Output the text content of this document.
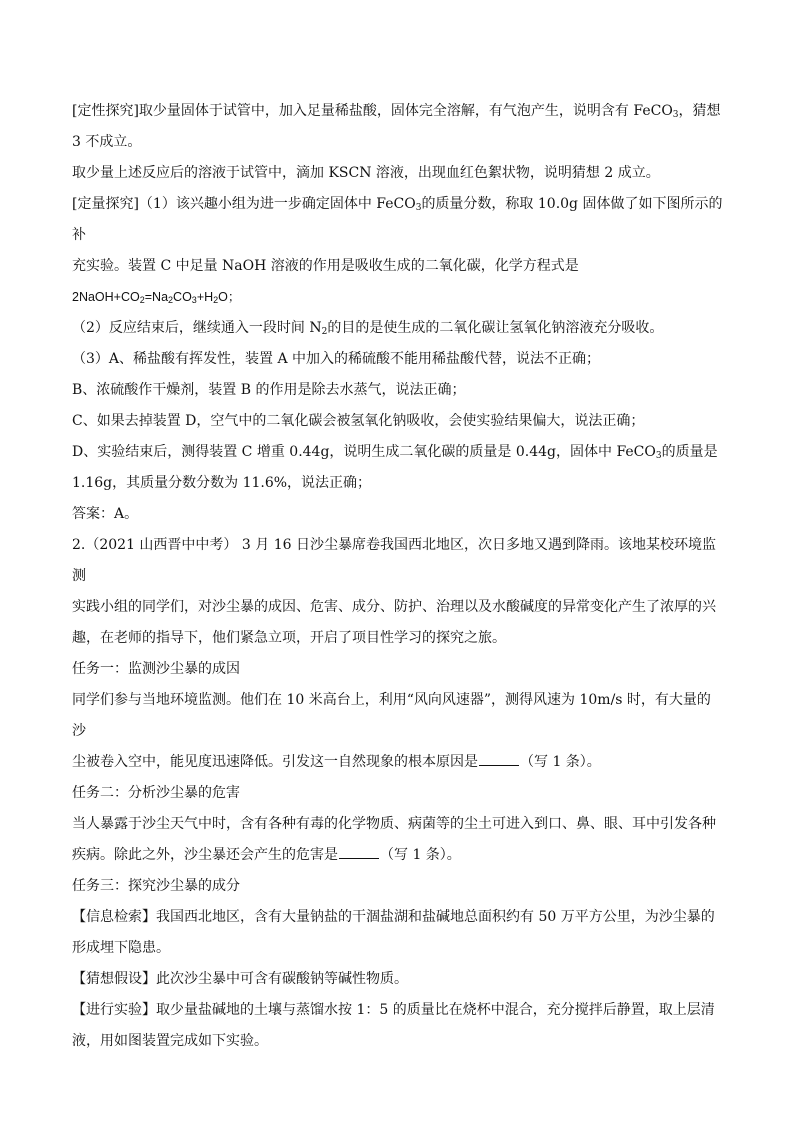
[定性探究]取少量固体于试管中，加入足量稀盐酸，固体完全溶解，有气泡产生，说明含有 FeCO$_3$，猜想

3 不成立。

取少量上述反应后的溶液于试管中，滴加 KSCN 溶液，出现血红色絮状物，说明猜想 2 成立。

[定量探究]（1）该兴趣小组为进一步确定固体中 FeCO$_3$的质量分数，称取 10.0g 固体做了如下图所示的补

充实验。装置 C 中足量 NaOH 溶液的作用是吸收生成的二氧化碳，化学方程式是

$2NaOH+CO_2=Na_2CO_3+H_2O$；

（2）反应结束后，继续通入一段时间 $N_2$的目的是使生成的二氧化碳让氢氧化钠溶液充分吸收。

（3）A、稀盐酸有挥发性，装置 A 中加入的稀硫酸不能用稀盐酸代替，说法不正确；

B、浓硫酸作干燥剂，装置 B 的作用是除去水蒸气，说法正确；

C、如果去掉装置 D，空气中的二氧化碳会被氢氧化钠吸收，会使实验结果偏大，说法正确；

D、实验结束后，测得装置 C 增重 0.44g，说明生成二氧化碳的质量是 0.44g，固体中 FeCO$_3$的质量是

1.16g，其质量分数分数为 11.6%，说法正确；

答案：A。

2.（2021 山西晋中中考） 3 月 16 日沙尘暴席卷我国西北地区，次日多地又遇到降雨。该地某校环境监测

实践小组的同学们，对沙尘暴的成因、危害、成分、防护、治理以及水酸碱度的异常变化产生了浓厚的兴

趣，在老师的指导下，他们紧急立项，开启了项目性学习的探究之旅。

任务一：监测沙尘暴的成因

同学们参与当地环境监测。他们在 10 米高台上，利用“风向风速器”，测得风速为 10m/s 时，有大量的沙

尘被卷入空中，能见度迅速降低。引发这一自然现象的根本原因是	（写 1 条）。

任务二：分析沙尘暴的危害

当人暴露于沙尘天气中时，含有各种有毒的化学物质、病菌等的尘土可进入到口、鼻、眼、耳中引发各种

疾病。除此之外，沙尘暴还会产生的危害是	（写 1 条）。

任务三：探究沙尘暴的成分

【信息检索】我国西北地区，含有大量钠盐的干涸盐湖和盐碱地总面积约有 50 万平方公里，为沙尘暴的

形成埋下隐患。

【猜想假设】此次沙尘暴中可含有碳酸钠等碱性物质。

【进行实验】取少量盐碱地的土壤与蒸馏水按 1：5 的质量比在烧杯中混合，充分搅拌后静置，取上层清

液，用如图装置完成如下实验。
